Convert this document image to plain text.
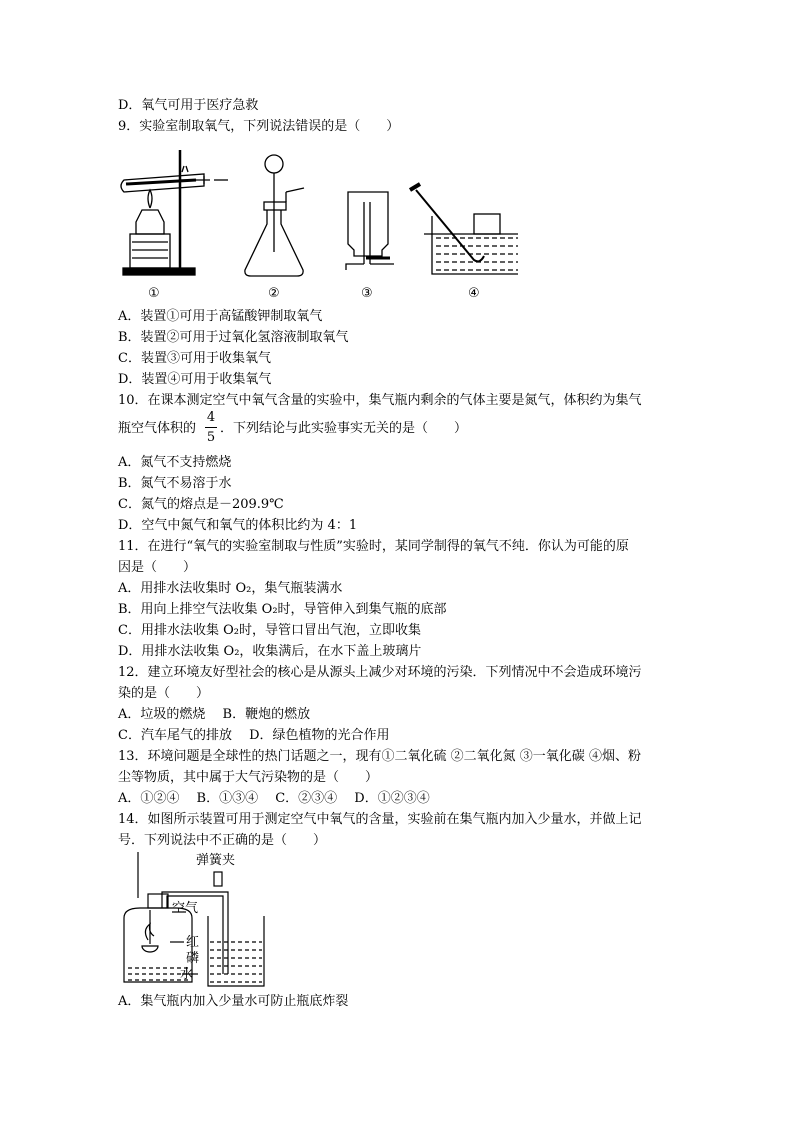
D．氧气可用于医疗急救
9．实验室制取氧气，下列说法错误的是（　　）
①	②	③	④
A．装置①可用于高锰酸钾制取氧气
B．装置②可用于过氧化氢溶液制取氧气
C．装置③可用于收集氧气
D．装置④可用于收集氧气
10．在课本测定空气中氧气含量的实验中，集气瓶内剩余的气体主要是氮气，体积约为集气
瓶空气体积的
4
5
．下列结论与此实验事实无关的是（　　）
A．氮气不支持燃烧
B．氮气不易溶于水
C．氮气的熔点是－209.9℃
D．空气中氮气和氧气的体积比约为 4：1
11．在进行“氧气的实验室制取与性质”实验时，某同学制得的氧气不纯．你认为可能的原
因是（　　）
A．用排水法收集时 O₂，集气瓶装满水
B．用向上排空气法收集 O₂时，导管伸入到集气瓶的底部
C．用排水法收集 O₂时，导管口冒出气泡，立即收集
D．用排水法收集 O₂，收集满后，在水下盖上玻璃片
12．建立环境友好型社会的核心是从源头上减少对环境的污染．下列情况中不会造成环境污
染的是（　　）
A．垃圾的燃烧　 B．鞭炮的燃放
C．汽车尾气的排放　 D．绿色植物的光合作用
13．环境问题是全球性的热门话题之一，现有①二氧化硫 ②二氧化氮 ③一氧化碳 ④烟、粉
尘等物质，其中属于大气污染物的是（　　）
A．①②④　 B．①③④　 C．②③④　 D．①②③④
14．如图所示装置可用于测定空气中氧气的含量，实验前在集气瓶内加入少量水，并做上记
号．下列说法中不正确的是（　　）
弹簧夹
空气
红
磷
水
A．集气瓶内加入少量水可防止瓶底炸裂
